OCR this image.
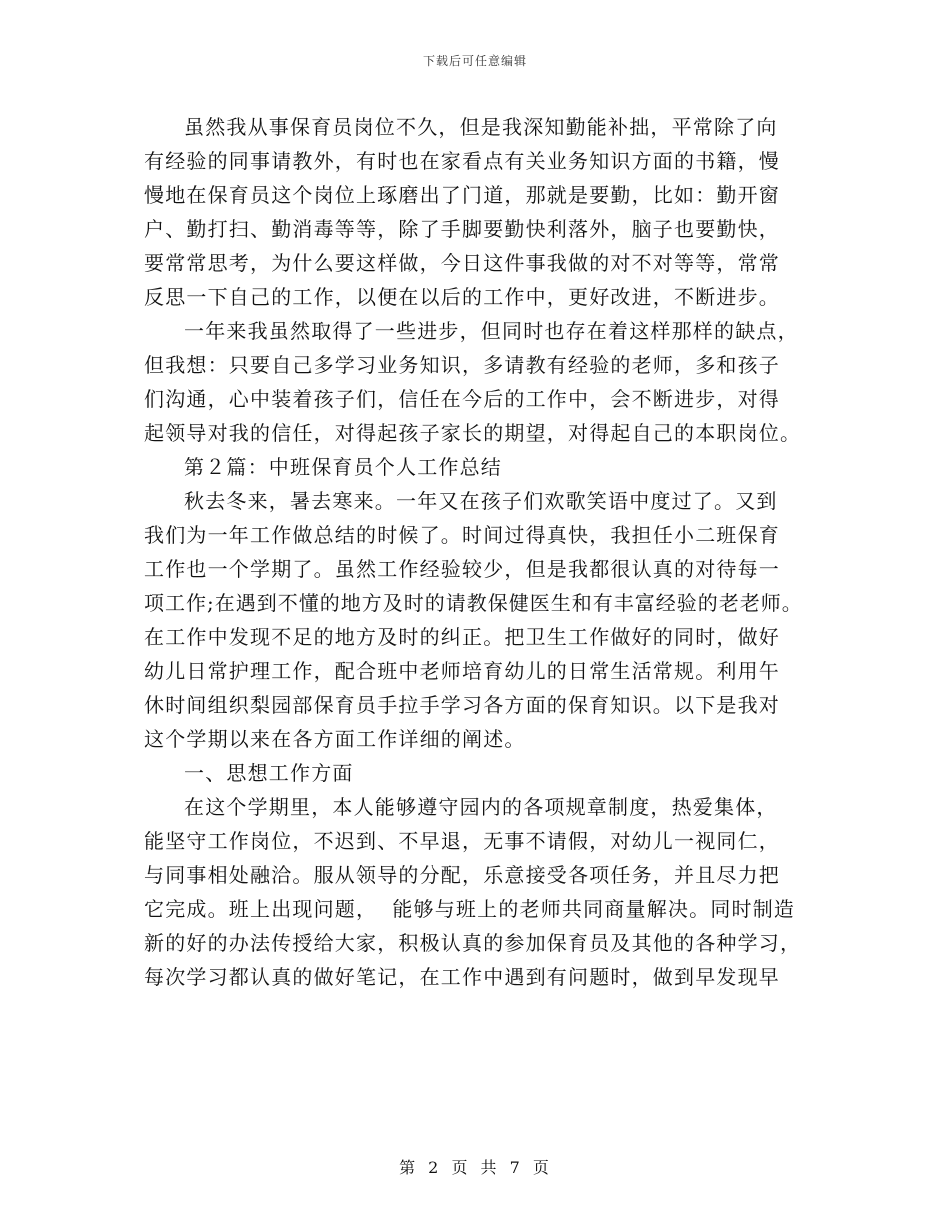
下载后可任意编辑
虽然我从事保育员岗位不久，但是我深知勤能补拙，平常除了向
有经验的同事请教外，有时也在家看点有关业务知识方面的书籍，慢
慢地在保育员这个岗位上琢磨出了门道，那就是要勤，比如：勤开窗
户、勤打扫、勤消毒等等，除了手脚要勤快利落外，脑子也要勤快，
要常常思考，为什么要这样做，今日这件事我做的对不对等等，常常
反思一下自己的工作，以便在以后的工作中，更好改进，不断进步。
一年来我虽然取得了一些进步，但同时也存在着这样那样的缺点，
但我想：只要自己多学习业务知识，多请教有经验的老师，多和孩子
们沟通，心中装着孩子们，信任在今后的工作中，会不断进步，对得
起领导对我的信任，对得起孩子家长的期望，对得起自己的本职岗位。
第２篇：中班保育员个人工作总结
秋去冬来，暑去寒来。一年又在孩子们欢歌笑语中度过了。又到
我们为一年工作做总结的时候了。时间过得真快，我担任小二班保育
工作也一个学期了。虽然工作经验较少，但是我都很认真的对待每一
项工作;在遇到不懂的地方及时的请教保健医生和有丰富经验的老老师。
在工作中发现不足的地方及时的纠正。把卫生工作做好的同时，做好
幼儿日常护理工作，配合班中老师培育幼儿的日常生活常规。利用午
休时间组织梨园部保育员手拉手学习各方面的保育知识。以下是我对
这个学期以来在各方面工作详细的阐述。
一、思想工作方面
在这个学期里，本人能够遵守园内的各项规章制度，热爱集体，
能坚守工作岗位，不迟到、不早退，无事不请假，对幼儿一视同仁，
与同事相处融洽。服从领导的分配，乐意接受各项任务，并且尽力把
它完成。班上出现问题，  能够与班上的老师共同商量解决。同时制造
新的好的办法传授给大家，积极认真的参加保育员及其他的各种学习，
每次学习都认真的做好笔记，在工作中遇到有问题时，做到早发现早
第 2 页 共 7 页
